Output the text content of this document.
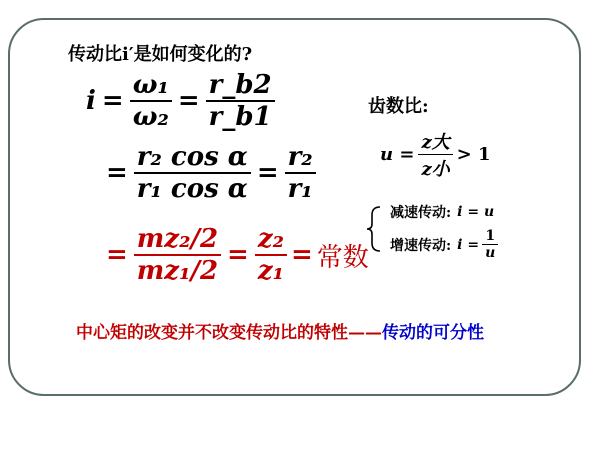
传动比i′是如何变化的?
$i = \frac{\text{ω₁}}{\text{ω₂}} = \frac{r\_b2}{r\_b1}$
= $\frac{\text{r₂ cos α}}{\text{r₁ cos α}} = \frac{\text{r₂}}{\text{r₁}}$
= $\frac{\text{mz₂/2}}{\text{mz₁/2}} = \frac{\text{z₂}}{\text{z₁}}$ = 常数
齿数比:
$u = \frac{\text{z大}}{\text{z小}} > 1$
减速传动: i = u
增速传动: $i = \frac{1}{u}$
中心矩的改变并不改变传动比的特性——传动的可分性
